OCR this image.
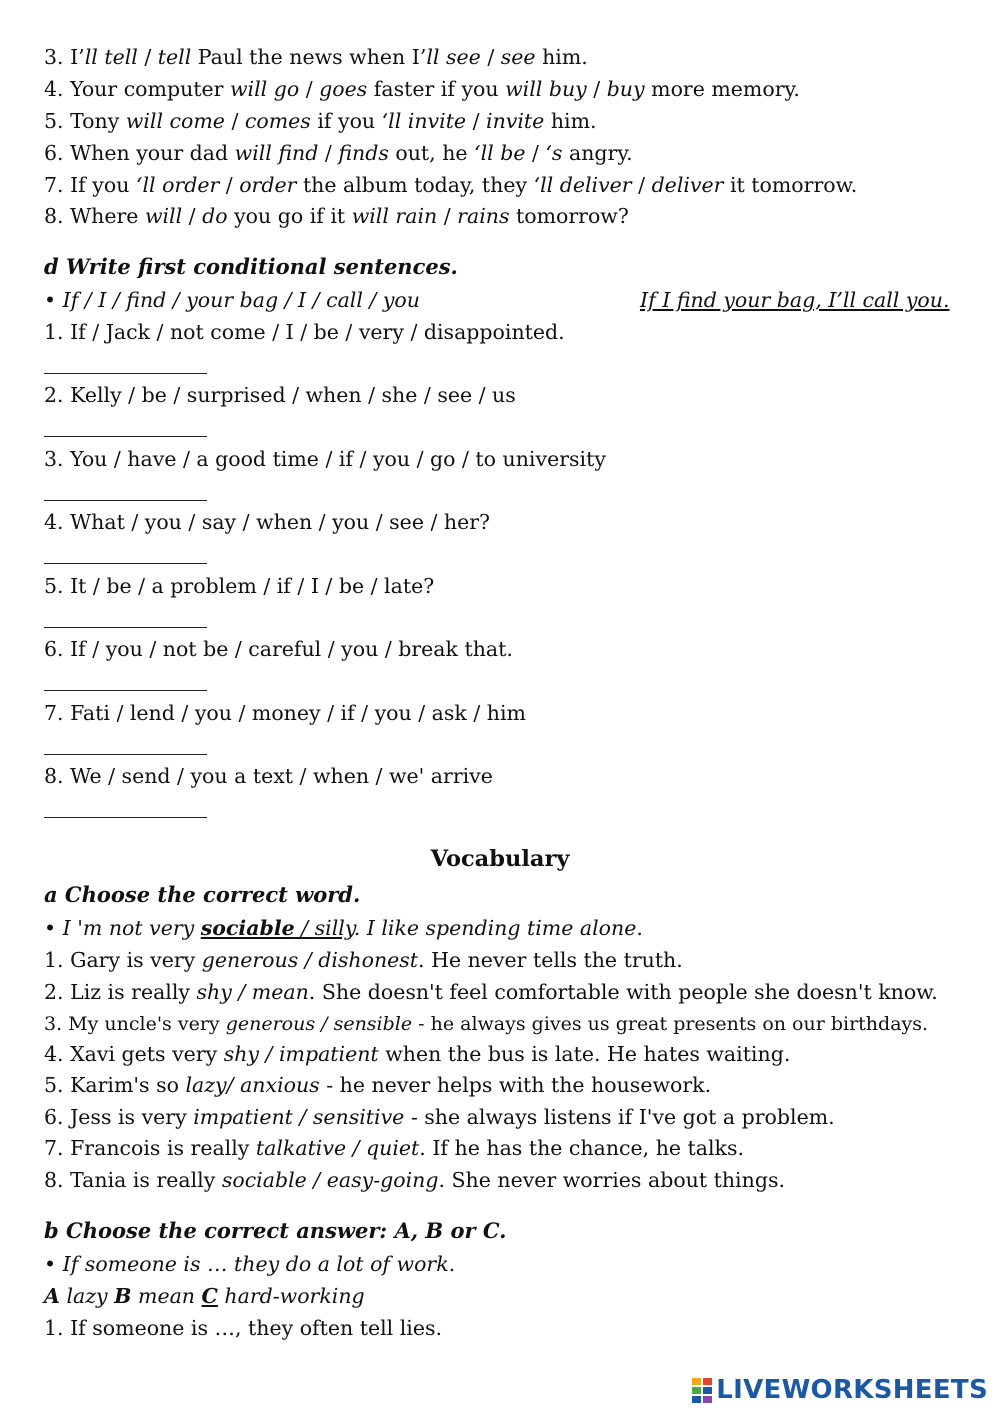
3. I’ll tell / tell Paul the news when I’ll see / see him.
4. Your computer will go / goes faster if you will buy / buy more memory.
5. Tony will come / comes if you ‘ll invite / invite him.
6. When your dad will find / finds out, he ‘ll be / ‘s angry.
7. If you ‘ll order / order the album today, they ‘ll deliver / deliver it tomorrow.
8. Where will / do you go if it will rain / rains tomorrow?
d Write first conditional sentences.
• If / I / find / your bag / I / call / you	If I find your bag, I’ll call you.
1. If / Jack / not come / I / be / very / disappointed.
2. Kelly / be / surprised / when / she / see / us
3. You / have / a good time / if / you / go / to university
4. What / you / say / when / you / see / her?
5. It / be / a problem / if / I / be / late?
6. If / you / not be / careful / you / break that.
7. Fati / lend / you / money / if / you / ask / him
8. We / send / you a text / when / we' arrive
Vocabulary
a Choose the correct word.
• I 'm not very sociable / silly. I like spending time alone.
1. Gary is very generous / dishonest. He never tells the truth.
2. Liz is really shy / mean. She doesn't feel comfortable with people she doesn't know.
3. My uncle's very generous / sensible - he always gives us great presents on our birthdays.
4. Xavi gets very shy / impatient when the bus is late. He hates waiting.
5. Karim's so lazy/ anxious - he never helps with the housework.
6. Jess is very impatient / sensitive - she always listens if I've got a problem.
7. Francois is really talkative / quiet. If he has the chance, he talks.
8. Tania is really sociable / easy-going. She never worries about things.
b Choose the correct answer: A, B or C.
• If someone is … they do a lot of work.
A lazy B mean C hard-working
1. If someone is …, they often tell lies.
LIVEWORKSHEETS
